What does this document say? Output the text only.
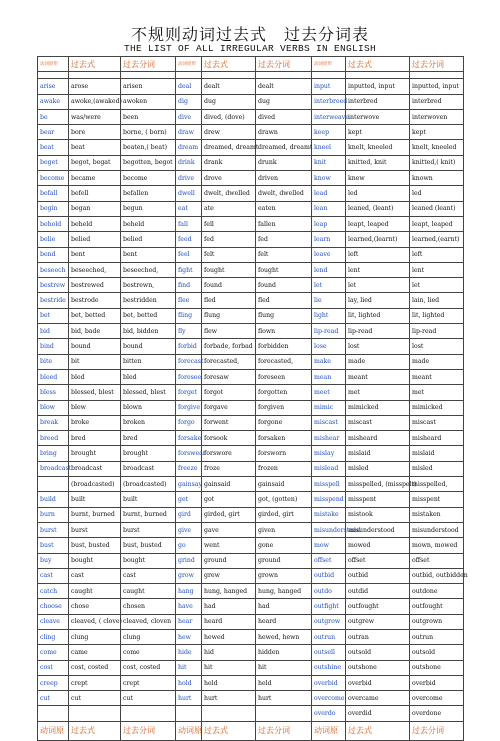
不规则动词过去式　过去分词表
THE LIST OF ALL IRREGULAR VERBS IN ENGLISH
动词原形	过去式	过去分词	动词原形	过去式	过去分词	动词原形	过去式	过去分词

arise	arose	arisen	deal	dealt	dealt	input	inputted, input	inputted, input
awake	awoke,(awaked)	awoken	dig	dug	dug	interbreed	interbred	interbred
be	was/were	been	dive	dived, (dove)	dived	interweave	interwove	interwoven
bear	bore	borne, ( born)	draw	drew	drawn	keep	kept	kept
beat	beat	beaten,( beat)	dream	dreamed, dreamt	dreamed, dreamt	kneel	knelt, kneeled	knelt, kneeled
beget	begot, begat	begotten, begot	drink	drank	drunk	knit	knitted, knit	knitted,( knit)
become	became	become	drive	drove	driven	know	knew	known
befall	befell	befallen	dwell	dwelt, dwelled	dwelt, dwelled	lead	led	led
begin	began	begun	eat	ate	eaten	lean	leaned, (leant)	leaned (leant)
behold	beheld	beheld	fall	fell	fallen	leap	leapt, leaped	leapt, leaped
belie	belied	belied	feed	fed	fed	learn	learned,(learnt)	learned,(earnt)
bend	bent	bent	feel	felt	felt	leave	left	left
beseech	beseeched,	beseeched,	fight	fought	fought	lend	lent	lent
bestrew	bestrewed	bestrewn,	find	found	found	let	let	let
bestride	bestrode	bestridden	flee	fled	fled	lie	lay, lied	lain, lied
bet	bet, betted	bet, betted	fling	flung	flung	light	lit, lighted	lit, lighted
bid	bid, bade	bid, bidden	fly	flew	flown	lip-read	lip-read	lip-read
bind	bound	bound	forbid	forbade, forbad	forbidden	lose	lost	lost
bite	bit	bitten	forecast	forecasted,	forecasted,	make	made	made
bleed	bled	bled	foresee	foresaw	foreseen	mean	meant	meant
bless	blessed, blest	blessed, blest	forget	forgot	forgotten	meet	met	met
blow	blew	blown	forgive	forgave	forgiven	mimic	mimicked	mimicked
break	broke	broken	forgo	forwent	forgone	miscast	miscast	miscast
breed	bred	bred	forsake	forsook	forsaken	mishear	misheard	misheard
bring	brought	brought	forswear	forswore	forsworn	mislay	mislaid	mislaid
broadcast	broadcast	broadcast	freeze	froze	frozen	mislead	misled	misled
	(broadcasted)	(broadcasted)	gainsay	gainsaid	gainsaid	misspell	misspelled, (misspelt)	misspelled,
build	built	built	get	got	got, (gotten)	misspend	misspent	misspent
burn	burnt, burned	burnt, burned	gird	girded, girt	girded, girt	mistake	mistook	mistaken
burst	burst	burst	give	gave	given	misunderstand	misunderstood	misunderstood
bust	bust, busted	bust, busted	go	went	gone	mow	mowed	mown, mowed
buy	bought	bought	grind	ground	ground	offset	offset	offset
cast	cast	cast	grow	grew	grown	outbid	outbid	outbid, outbidden
catch	caught	caught	hang	hung, hanged	hung, hanged	outdo	outdid	outdone
choose	chose	chosen	have	had	had	outfight	outfought	outfought
cleave	cleaved, ( clove)	cleaved, cloven	hear	heard	heard	outgrow	outgrew	outgrown
cling	clung	clung	hew	hewed	hewed, hewn	outrun	outran	outrun
come	came	come	hide	hid	hidden	outsell	outsold	outsold
cost	cost, costed	cost, costed	hit	hit	hit	outshine	outshone	outshone
creep	crept	crept	hold	held	held	overbid	overbid	overbid
cut	cut	cut	hurt	hurt	hurt	overcome	overcame	overcome
						overdo	overdid	overdone
动词原	过去式	过去分词	动词原	过去式	过去分词	动词原	过去式	过去分词
